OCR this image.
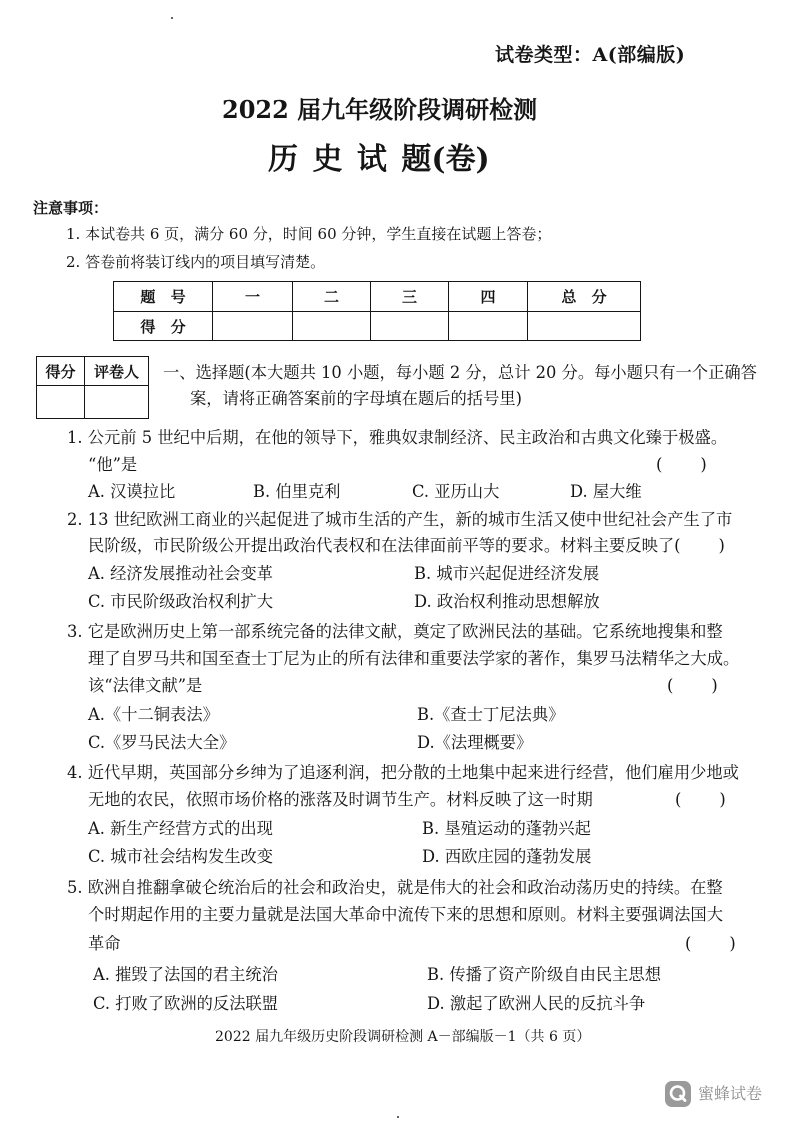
试卷类型：A(部编版)
2022 届九年级阶段调研检测
历 史 试 题(卷)
注意事项：
1. 本试卷共 6 页，满分 60 分，时间 60 分钟，学生直接在试题上答卷；
2. 答卷前将装订线内的项目填写清楚。
题 号	一	二	三	四	总 分
得 分					
得分	评卷人
	一、选择题(本大题共 10 小题，每小题 2 分，总计 20 分。每小题只有一个正确答
案，请将正确答案前的字母填在题后的括号里)
1. 公元前 5 世纪中后期，在他的领导下，雅典奴隶制经济、民主政治和古典文化臻于极盛。
“他”是	(      )
A. 汉谟拉比	B. 伯里克利	C. 亚历山大	D. 屋大维
2. 13 世纪欧洲工商业的兴起促进了城市生活的产生，新的城市生活又使中世纪社会产生了市
民阶级，市民阶级公开提出政治代表权和在法律面前平等的要求。材料主要反映了(      )
A. 经济发展推动社会变革	B. 城市兴起促进经济发展
C. 市民阶级政治权利扩大	D. 政治权利推动思想解放
3. 它是欧洲历史上第一部系统完备的法律文献，奠定了欧洲民法的基础。它系统地搜集和整
理了自罗马共和国至查士丁尼为止的所有法律和重要法学家的著作，集罗马法精华之大成。
该“法律文献”是	(      )
A.《十二铜表法》	B.《查士丁尼法典》
C.《罗马民法大全》	D.《法理概要》
4. 近代早期，英国部分乡绅为了追逐利润，把分散的土地集中起来进行经营，他们雇用少地或
无地的农民，依照市场价格的涨落及时调节生产。材料反映了这一时期	(      )
A. 新生产经营方式的出现	B. 垦殖运动的蓬勃兴起
C. 城市社会结构发生改变	D. 西欧庄园的蓬勃发展
5. 欧洲自推翻拿破仑统治后的社会和政治史，就是伟大的社会和政治动荡历史的持续。在整
个时期起作用的主要力量就是法国大革命中流传下来的思想和原则。材料主要强调法国大
革命	(      )
A. 摧毁了法国的君主统治	B. 传播了资产阶级自由民主思想
C. 打败了欧洲的反法联盟	D. 激起了欧洲人民的反抗斗争
2022 届九年级历史阶段调研检测 A－部编版－1（共 6 页）
蜜蜂试卷
